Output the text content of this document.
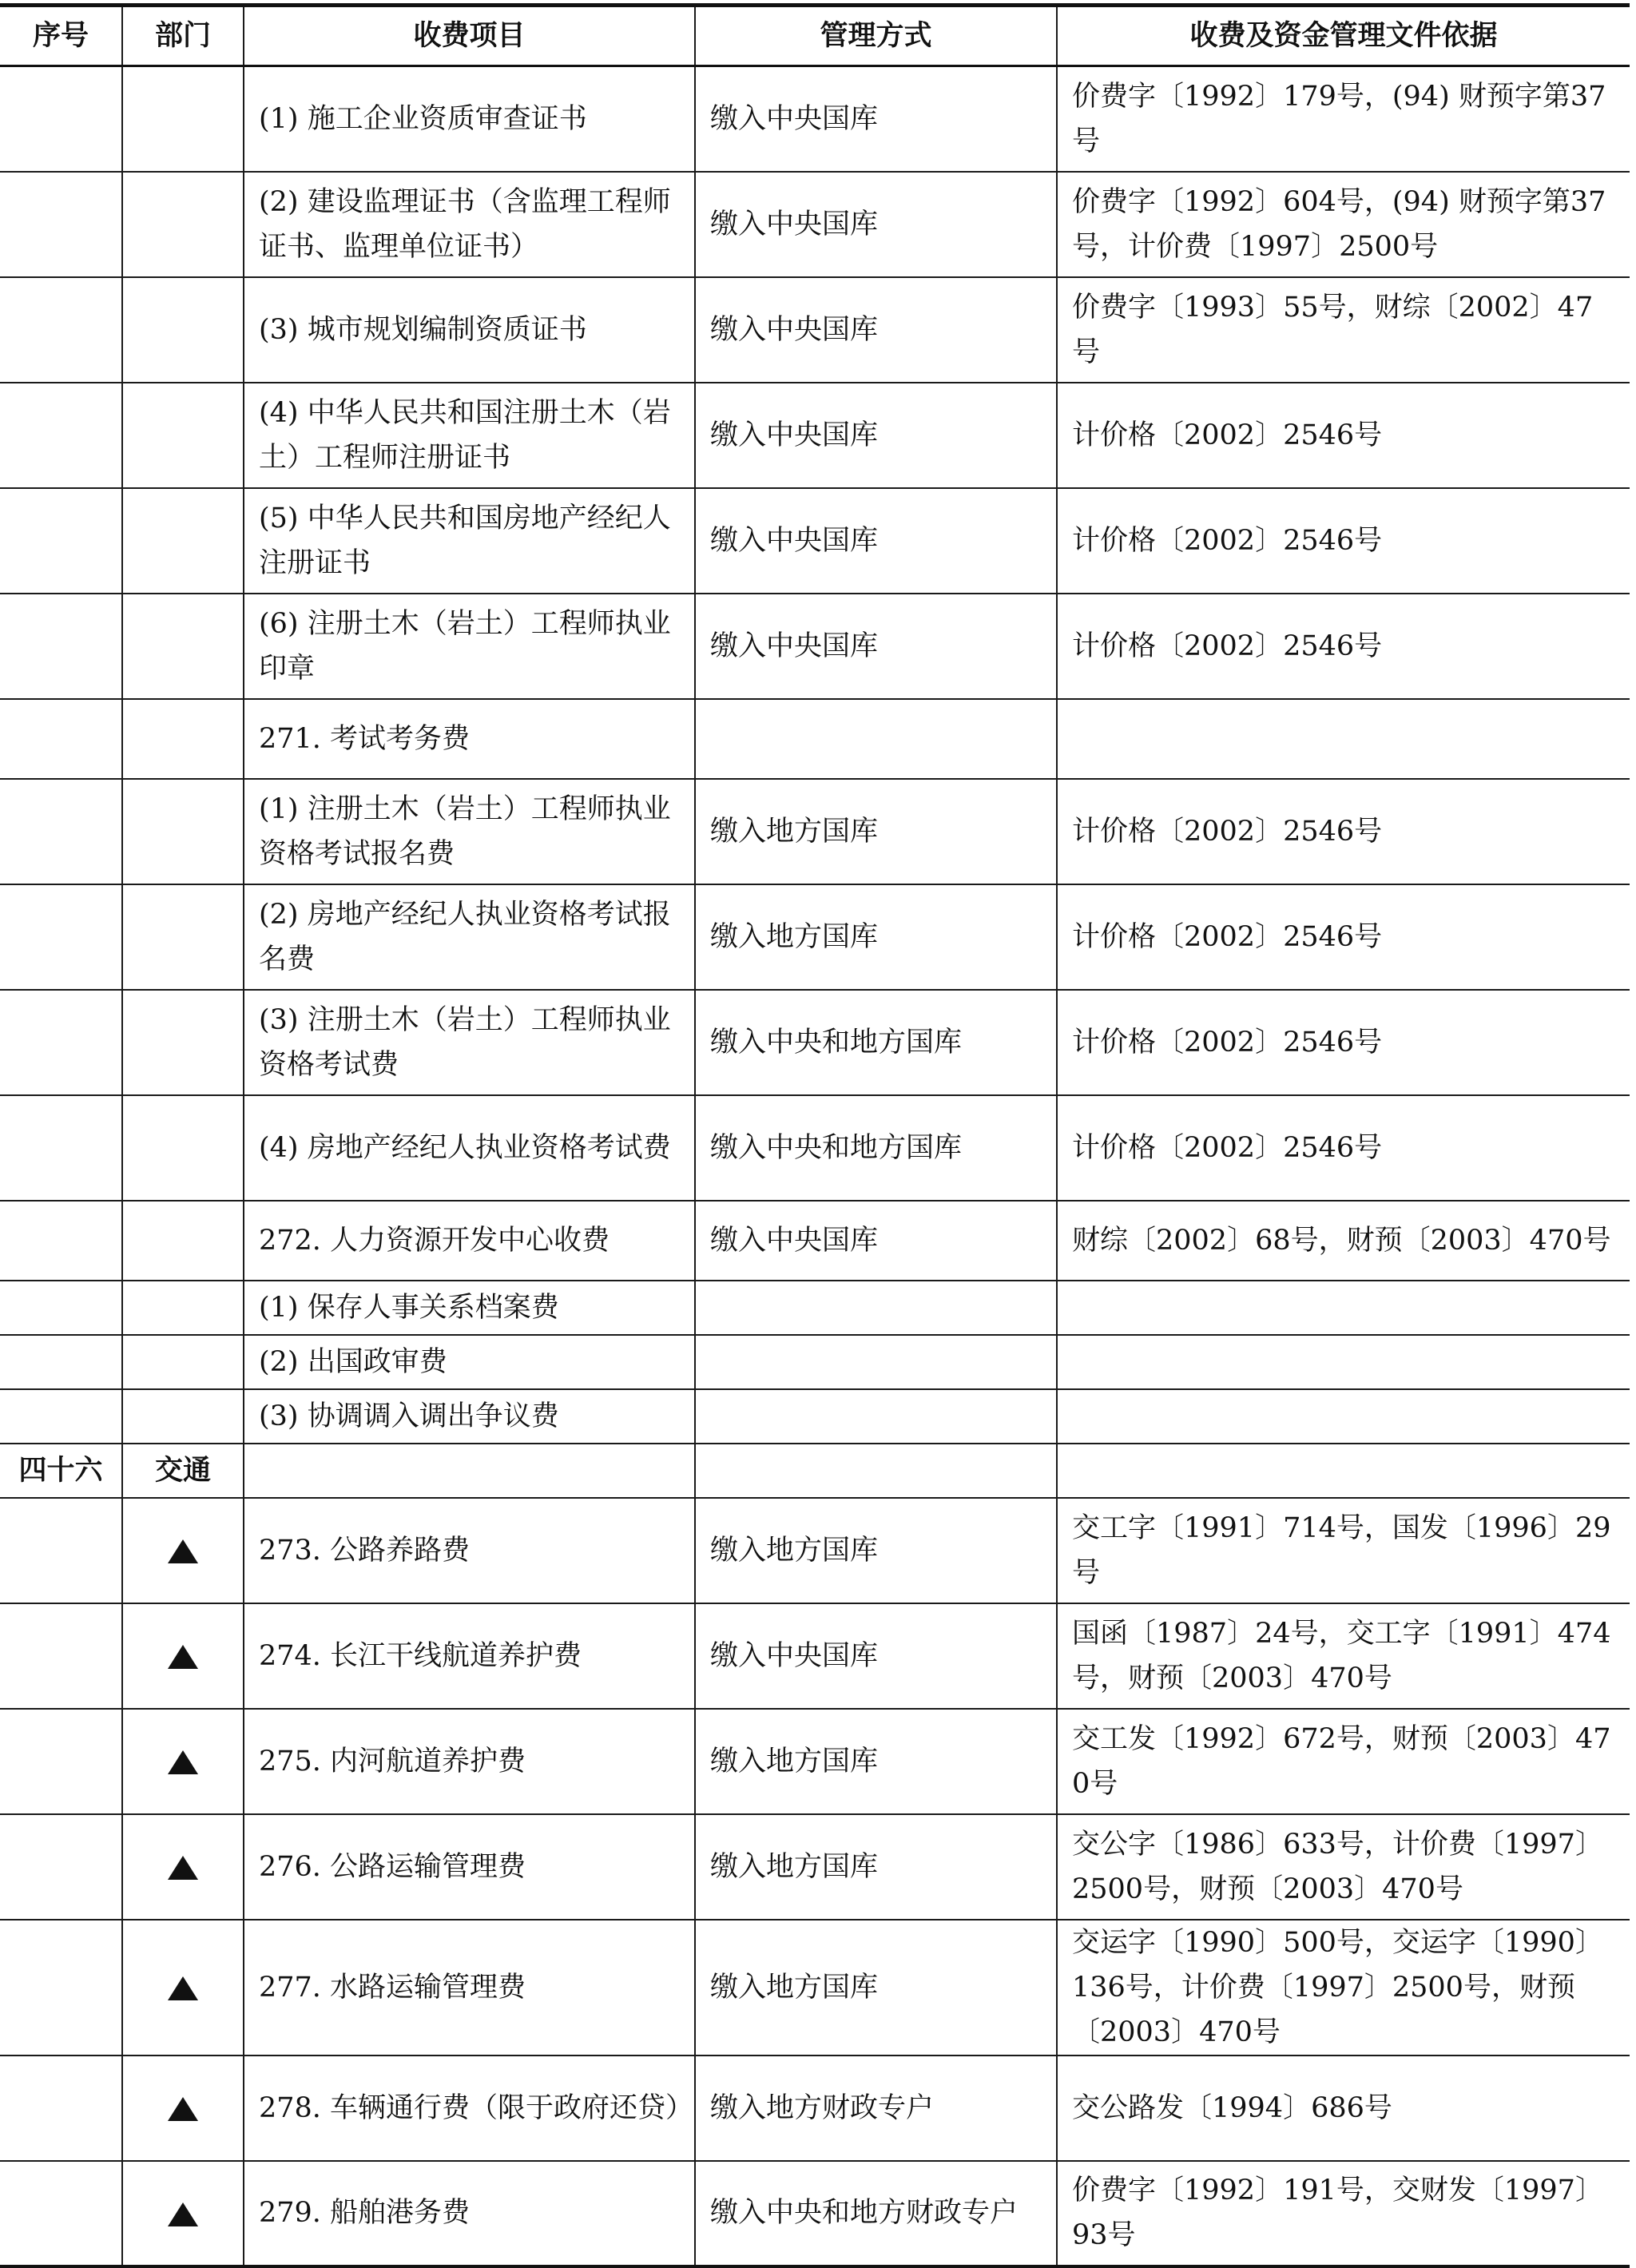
序号	部门	收费项目	管理方式	收费及资金管理文件依据
		(1) 施工企业资质审查证书	缴入中央国库	价费字〔1992〕179号，(94) 财预字第37号
		(2) 建设监理证书（含监理工程师证书、监理单位证书）	缴入中央国库	价费字〔1992〕604号，(94) 财预字第37号，计价费〔1997〕2500号
		(3) 城市规划编制资质证书	缴入中央国库	价费字〔1993〕55号，财综〔2002〕47号
		(4) 中华人民共和国注册土木（岩土）工程师注册证书	缴入中央国库	计价格〔2002〕2546号
		(5) 中华人民共和国房地产经纪人注册证书	缴入中央国库	计价格〔2002〕2546号
		(6) 注册土木（岩土）工程师执业印章	缴入中央国库	计价格〔2002〕2546号
		271. 考试考务费		
		(1) 注册土木（岩土）工程师执业资格考试报名费	缴入地方国库	计价格〔2002〕2546号
		(2) 房地产经纪人执业资格考试报名费	缴入地方国库	计价格〔2002〕2546号
		(3) 注册土木（岩土）工程师执业资格考试费	缴入中央和地方国库	计价格〔2002〕2546号
		(4) 房地产经纪人执业资格考试费	缴入中央和地方国库	计价格〔2002〕2546号
		272. 人力资源开发中心收费	缴入中央国库	财综〔2002〕68号，财预〔2003〕470号
		(1) 保存人事关系档案费		
		(2) 出国政审费		
		(3) 协调调入调出争议费		
四十六	交通			
		273. 公路养路费	缴入地方国库	交工字〔1991〕714号，国发〔1996〕29号
		274. 长江干线航道养护费	缴入中央国库	国函〔1987〕24号，交工字〔1991〕474号，财预〔2003〕470号
		275. 内河航道养护费	缴入地方国库	交工发〔1992〕672号，财预〔2003〕470号
		276. 公路运输管理费	缴入地方国库	交公字〔1986〕633号，计价费〔1997〕2500号，财预〔2003〕470号
		277. 水路运输管理费	缴入地方国库	交运字〔1990〕500号，交运字〔1990〕136号，计价费〔1997〕2500号，财预〔2003〕470号
		278. 车辆通行费（限于政府还贷）	缴入地方财政专户	交公路发〔1994〕686号
		279. 船舶港务费	缴入中央和地方财政专户	价费字〔1992〕191号，交财发〔1997〕93号
